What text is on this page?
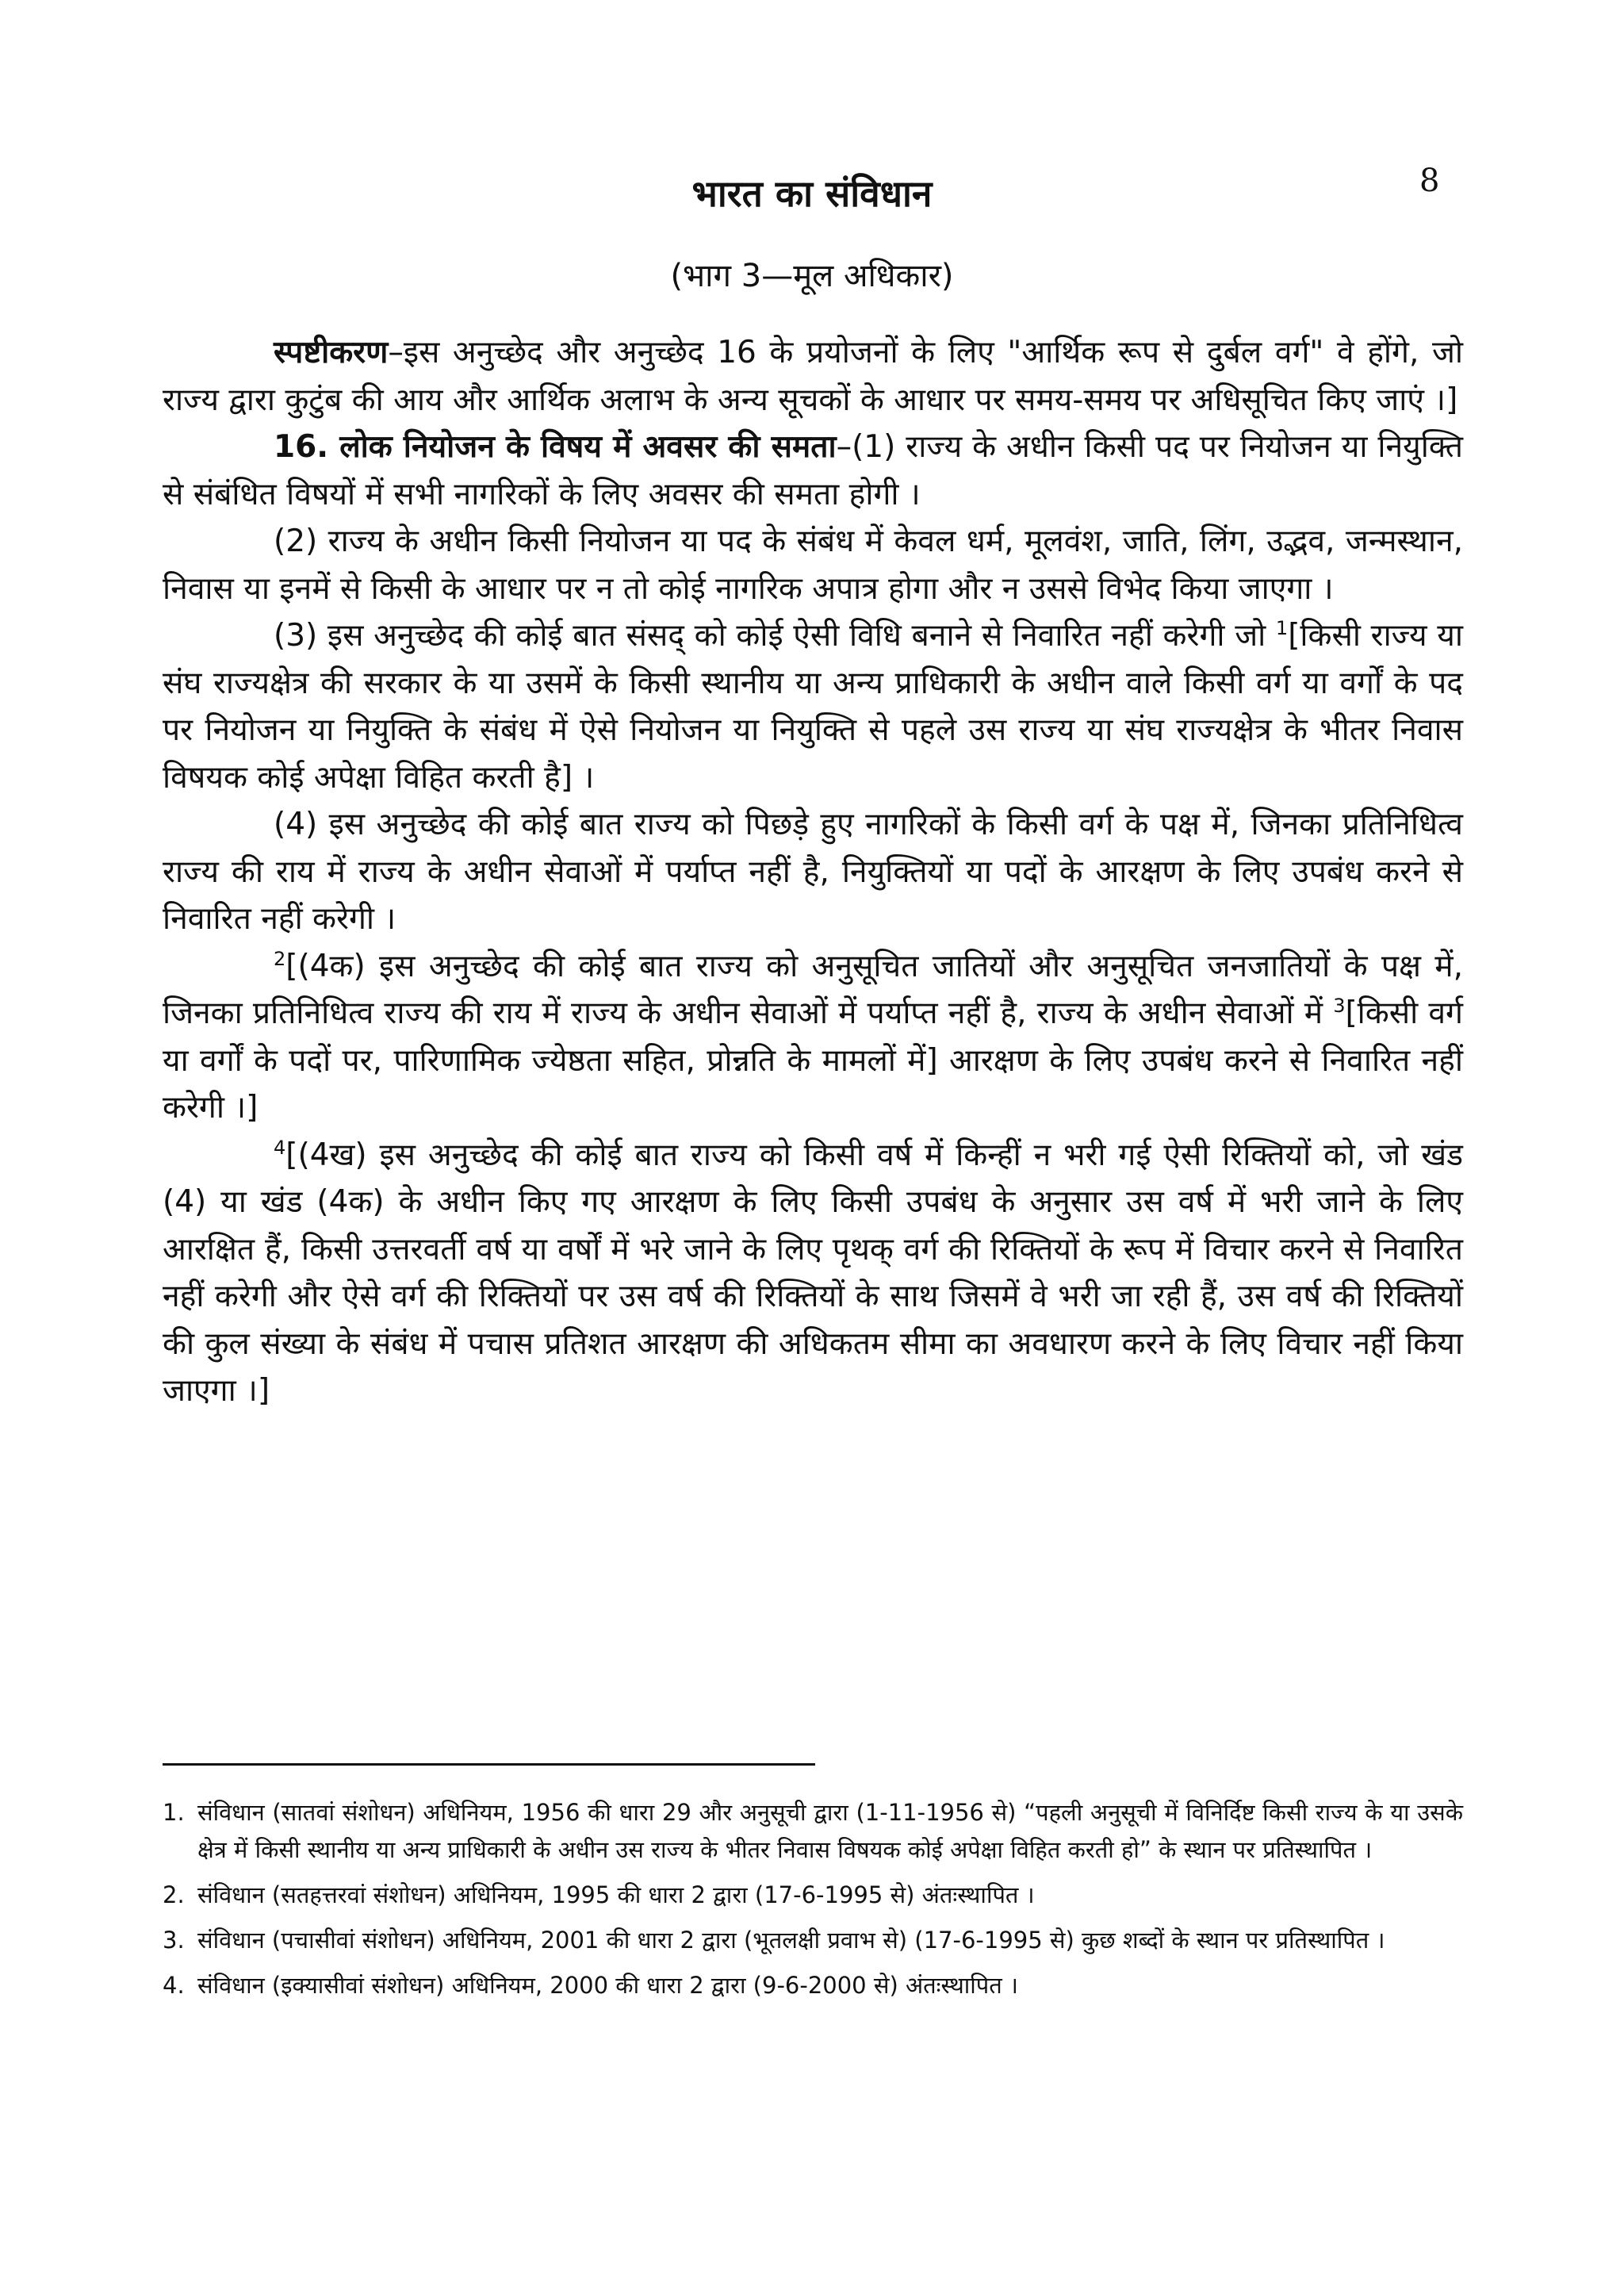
8
भारत का संविधान
(भाग 3—मूल अधिकार)

स्पष्टीकरण–इस अनुच्छेद और अनुच्छेद 16 के प्रयोजनों के लिए "आर्थिक रूप से दुर्बल वर्ग" वे होंगे, जो राज्य द्वारा कुटुंब की आय और आर्थिक अलाभ के अन्य सूचकों के आधार पर समय-समय पर अधिसूचित किए जाएं ।]

16. लोक नियोजन के विषय में अवसर की समता–(1) राज्य के अधीन किसी पद पर नियोजन या नियुक्ति से संबंधित विषयों में सभी नागरिकों के लिए अवसर की समता होगी ।

(2) राज्य के अधीन किसी नियोजन या पद के संबंध में केवल धर्म, मूलवंश, जाति, लिंग, उद्भव, जन्मस्थान, निवास या इनमें से किसी के आधार पर न तो कोई नागरिक अपात्र होगा और न उससे विभेद किया जाएगा ।

(3) इस अनुच्छेद की कोई बात संसद् को कोई ऐसी विधि बनाने से निवारित नहीं करेगी जो $^1$[किसी राज्य या संघ राज्यक्षेत्र की सरकार के या उसमें के किसी स्थानीय या अन्य प्राधिकारी के अधीन वाले किसी वर्ग या वर्गों के पद पर नियोजन या नियुक्ति के संबंध में ऐसे नियोजन या नियुक्ति से पहले उस राज्य या संघ राज्यक्षेत्र के भीतर निवास विषयक कोई अपेक्षा विहित करती है] ।

(4) इस अनुच्छेद की कोई बात राज्य को पिछड़े हुए नागरिकों के किसी वर्ग के पक्ष में, जिनका प्रतिनिधित्व राज्य की राय में राज्य के अधीन सेवाओं में पर्याप्त नहीं है, नियुक्तियों या पदों के आरक्षण के लिए उपबंध करने से निवारित नहीं करेगी ।

$^2$[(4क) इस अनुच्छेद की कोई बात राज्य को अनुसूचित जातियों और अनुसूचित जनजातियों के पक्ष में, जिनका प्रतिनिधित्व राज्य की राय में राज्य के अधीन सेवाओं में पर्याप्त नहीं है, राज्य के अधीन सेवाओं में $^3$[किसी वर्ग या वर्गों के पदों पर, पारिणामिक ज्येष्ठता सहित, प्रोन्नति के मामलों में] आरक्षण के लिए उपबंध करने से निवारित नहीं करेगी ।]

$^4$[(4ख) इस अनुच्छेद की कोई बात राज्य को किसी वर्ष में किन्हीं न भरी गई ऐसी रिक्तियों को, जो खंड (4) या खंड (4क) के अधीन किए गए आरक्षण के लिए किसी उपबंध के अनुसार उस वर्ष में भरी जाने के लिए आरक्षित हैं, किसी उत्तरवर्ती वर्ष या वर्षों में भरे जाने के लिए पृथक् वर्ग की रिक्तियों के रूप में विचार करने से निवारित नहीं करेगी और ऐसे वर्ग की रिक्तियों पर उस वर्ष की रिक्तियों के साथ जिसमें वे भरी जा रही हैं, उस वर्ष की रिक्तियों की कुल संख्या के संबंध में पचास प्रतिशत आरक्षण की अधिकतम सीमा का अवधारण करने के लिए विचार नहीं किया जाएगा ।]

1. संविधान (सातवां संशोधन) अधिनियम, 1956 की धारा 29 और अनुसूची द्वारा (1-11-1956 से) “पहली अनुसूची में विनिर्दिष्ट किसी राज्य के या उसके क्षेत्र में किसी स्थानीय या अन्य प्राधिकारी के अधीन उस राज्य के भीतर निवास विषयक कोई अपेक्षा विहित करती हो” के स्थान पर प्रतिस्थापित ।
2. संविधान (सतहत्तरवां संशोधन) अधिनियम, 1995 की धारा 2 द्वारा (17-6-1995 से) अंतःस्थापित ।
3. संविधान (पचासीवां संशोधन) अधिनियम, 2001 की धारा 2 द्वारा (भूतलक्षी प्रवाभ से) (17-6-1995 से) कुछ शब्दों के स्थान पर प्रतिस्थापित ।
4. संविधान (इक्यासीवां संशोधन) अधिनियम, 2000 की धारा 2 द्वारा (9-6-2000 से) अंतःस्थापित ।
